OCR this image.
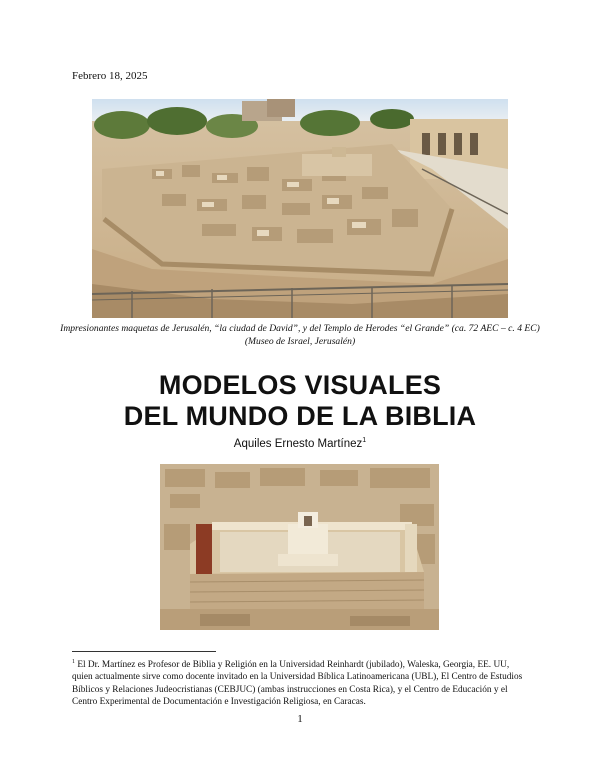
Febrero 18, 2025
Impresionantes maquetas de Jerusalén, “la ciudad de David”, y del Templo de Herodes “el Grande” (ca. 72 AEC – c. 4 EC) (Museo de Israel, Jerusalén)
MODELOS VISUALES
DEL MUNDO DE LA BIBLIA
Aquiles Ernesto Martínez$^1$
$^1$ El Dr. Martínez es Profesor de Biblia y Religión en la Universidad Reinhardt (jubilado), Waleska, Georgia, EE. UU, quien actualmente sirve como docente invitado en la Universidad Bíblica Latinoamericana (UBL), El Centro de Estudios Bíblicos y Relaciones Judeocristianas (CEBJUC) (ambas instrucciones en Costa Rica), y el Centro de Educación y el Centro Experimental de Documentación e Investigación Religiosa, en Caracas.
1
